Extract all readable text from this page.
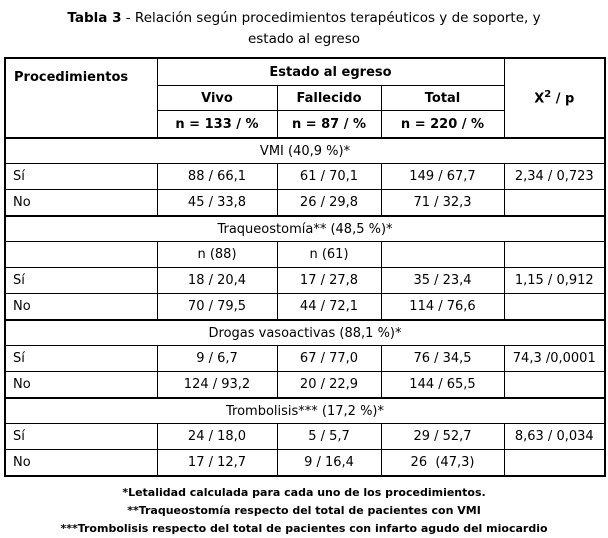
Tabla 3 - Relación según procedimientos terapéuticos y de soporte, y
estado al egreso
Procedimientos	Estado al egreso			$X^2$ / p
	Vivo	Fallecido	Total	
	n = 133 / %	n = 87 / %	n = 220 / %	
VMI (40,9 %)*				
Sí	88 / 66,1	61 / 70,1	149 / 67,7	2,34 / 0,723
No	45 / 33,8	26 / 29,8	71 / 32,3	
Traqueostomía** (48,5 %)*				
	n (88)	n (61)		
Sí	18 / 20,4	17 / 27,8	35 / 23,4	1,15 / 0,912
No	70 / 79,5	44 / 72,1	114 / 76,6	
Drogas vasoactivas (88,1 %)*				
Sí	9 / 6,7	67 / 77,0	76 / 34,5	74,3 /0,0001
No	124 / 93,2	20 / 22,9	144 / 65,5	
Trombolisis*** (17,2 %)*				
Sí	24 / 18,0	5 / 5,7	29 / 52,7	8,63 / 0,034
No	17 / 12,7	9 / 16,4	26  (47,3)	
*Letalidad calculada para cada uno de los procedimientos.
**Traqueostomía respecto del total de pacientes con VMI
***Trombolisis respecto del total de pacientes con infarto agudo del miocardio
